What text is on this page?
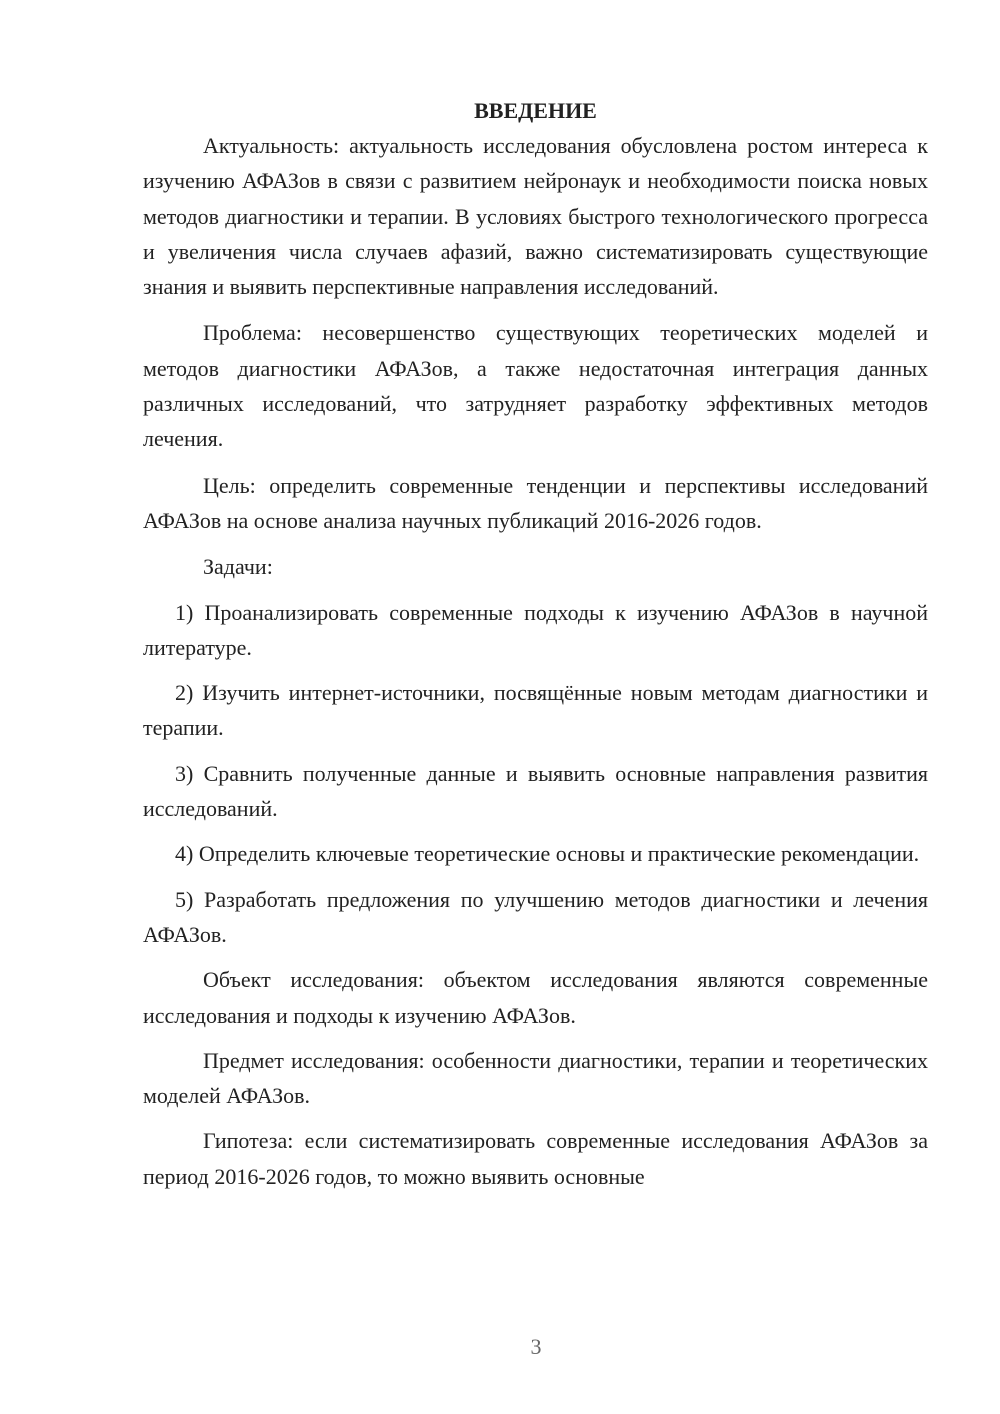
ВВЕДЕНИЕ

Актуальность: актуальность исследования обусловлена ростом интереса к изучению АФАЗов в связи с развитием нейронаук и необходимости поиска новых методов диагностики и терапии. В условиях быстрого технологического прогресса и увеличения числа случаев афазий, важно систематизировать существующие знания и выявить перспективные направления исследований.

Проблема: несовершенство существующих теоретических моделей и методов диагностики АФАЗов, а также недостаточная интеграция данных различных исследований, что затрудняет разработку эффективных методов лечения.

Цель: определить современные тенденции и перспективы исследований АФАЗов на основе анализа научных публикаций 2016-2026 годов.

Задачи:

1) Проанализировать современные подходы к изучению АФАЗов в научной литературе.

2) Изучить интернет-источники, посвящённые новым методам диагностики и терапии.

3) Сравнить полученные данные и выявить основные направления развития исследований.

4) Определить ключевые теоретические основы и практические рекомендации.

5) Разработать предложения по улучшению методов диагностики и лечения АФАЗов.

Объект исследования: объектом исследования являются современные исследования и подходы к изучению АФАЗов.

Предмет исследования: особенности диагностики, терапии и теоретических моделей АФАЗов.

Гипотеза: если систематизировать современные исследования АФАЗов за период 2016-2026 годов, то можно выявить основные

3
